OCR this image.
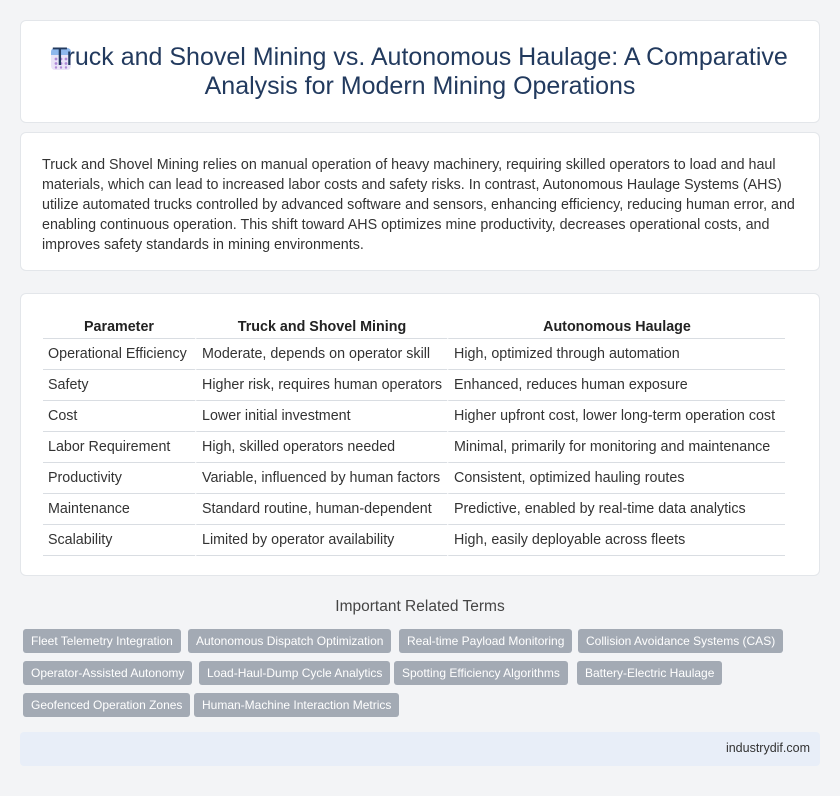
Truck and Shovel Mining vs. Autonomous Haulage: A Comparative Analysis for Modern Mining Operations

Truck and Shovel Mining relies on manual operation of heavy machinery, requiring skilled operators to load and haul materials, which can lead to increased labor costs and safety risks. In contrast, Autonomous Haulage Systems (AHS) utilize automated trucks controlled by advanced software and sensors, enhancing efficiency, reducing human error, and enabling continuous operation. This shift toward AHS optimizes mine productivity, decreases operational costs, and improves safety standards in mining environments.

Parameter	Truck and Shovel Mining	Autonomous Haulage
Operational Efficiency	Moderate, depends on operator skill	High, optimized through automation
Safety	Higher risk, requires human operators	Enhanced, reduces human exposure
Cost	Lower initial investment	Higher upfront cost, lower long-term operation cost
Labor Requirement	High, skilled operators needed	Minimal, primarily for monitoring and maintenance
Productivity	Variable, influenced by human factors	Consistent, optimized hauling routes
Maintenance	Standard routine, human-dependent	Predictive, enabled by real-time data analytics
Scalability	Limited by operator availability	High, easily deployable across fleets
Important Related Terms
Fleet Telemetry Integration	Autonomous Dispatch Optimization	Real-time Payload Monitoring	Collision Avoidance Systems (CAS)
Operator-Assisted Autonomy	Load-Haul-Dump Cycle Analytics	Spotting Efficiency Algorithms	Battery-Electric Haulage
Geofenced Operation Zones	Human-Machine Interaction Metrics
industrydif.com
